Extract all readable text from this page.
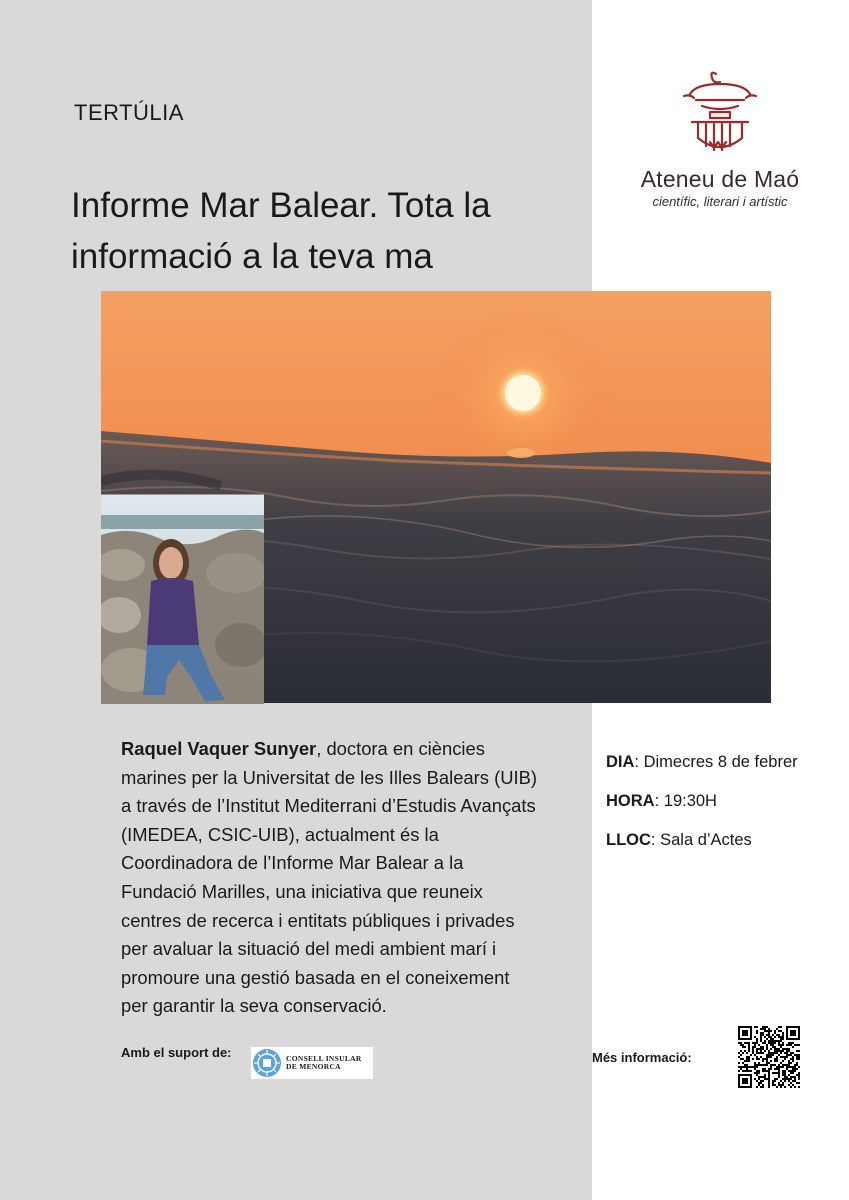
TERTÚLIA
Informe Mar Balear. Tota la informació a la teva ma
Ateneu de Maó
científic, literari i artístic
Raquel Vaquer Sunyer, doctora en ciències marines per la Universitat de les Illes Balears (UIB) a través de l’Institut Mediterrani d’Estudis Avançats (IMEDEA, CSIC-UIB), actualment és la Coordinadora de l’Informe Mar Balear a la Fundació Marilles, una iniciativa que reuneix centres de recerca i entitats públiques i privades per avaluar la situació del medi ambient marí i promoure una gestió basada en el coneixement per garantir la seva conservació.
DIA: Dimecres 8 de febrer
HORA: 19:30H
LLOC: Sala d’Actes
Amb el suport de:	CONSELL INSULAR
DE MENORCA
Més informació:
